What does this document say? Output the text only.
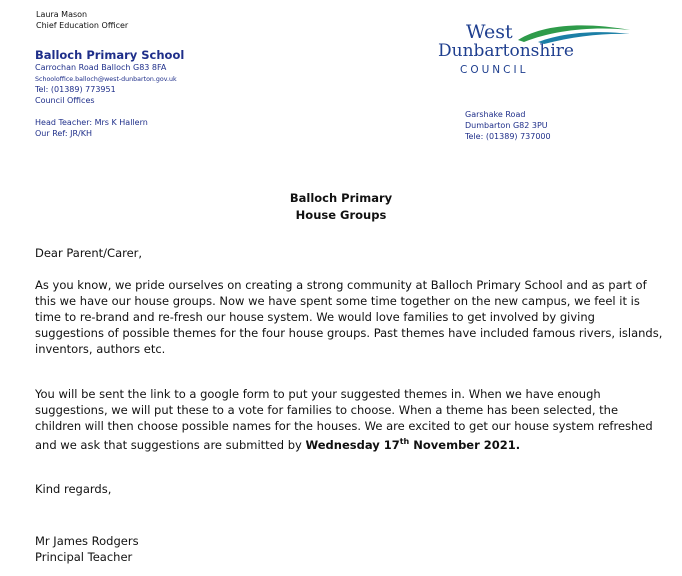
Laura Mason
Chief Education Officer
Balloch Primary School
Carrochan Road Balloch G83 8FA
Schooloffice.balloch@west-dunbarton.gov.uk
Tel: (01389) 773951
Council Offices
Head Teacher: Mrs K Hallern
Our Ref: JR/KH
West
Dunbartonshire
COUNCIL
Garshake Road
Dumbarton G82 3PU
Tele: (01389) 737000
Balloch Primary
House Groups
Dear Parent/Carer,
As you know, we pride ourselves on creating a strong community at Balloch Primary School and as part of
this we have our house groups. Now we have spent some time together on the new campus, we feel it is
time to re-brand and re-fresh our house system. We would love families to get involved by giving
suggestions of possible themes for the four house groups. Past themes have included famous rivers, islands,
inventors, authors etc.
You will be sent the link to a google form to put your suggested themes in. When we have enough
suggestions, we will put these to a vote for families to choose. When a theme has been selected, the
children will then choose possible names for the houses. We are excited to get our house system refreshed
and we ask that suggestions are submitted by Wednesday 17th November 2021.
Kind regards,
Mr James Rodgers
Principal Teacher
